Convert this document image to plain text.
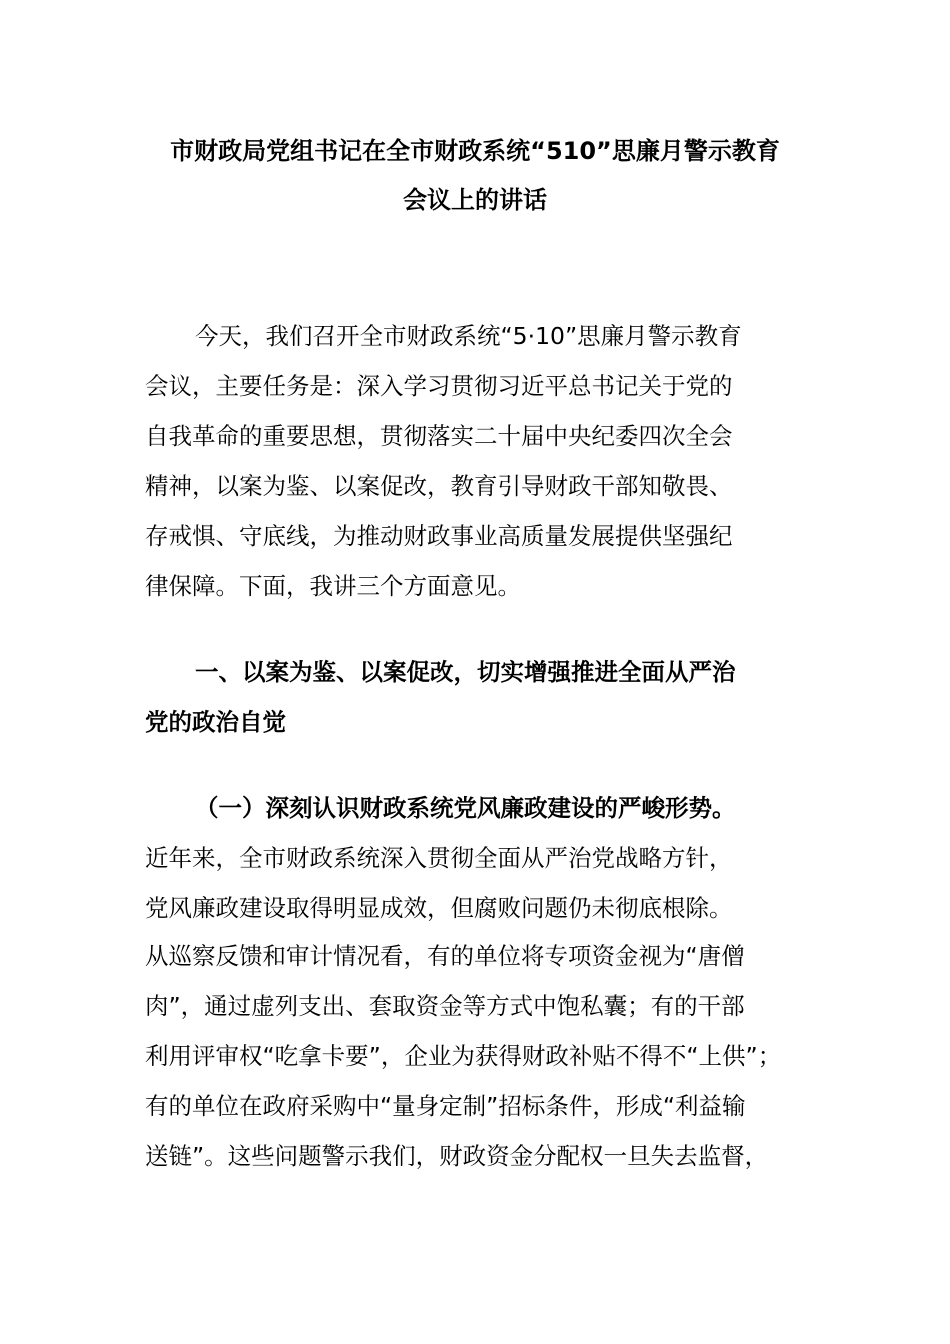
市财政局党组书记在全市财政系统“510”思廉月警示教育
会议上的讲话
今天，我们召开全市财政系统“5·10”思廉月警示教育
会议，主要任务是：深入学习贯彻习近平总书记关于党的
自我革命的重要思想，贯彻落实二十届中央纪委四次全会
精神，以案为鉴、以案促改，教育引导财政干部知敬畏、
存戒惧、守底线，为推动财政事业高质量发展提供坚强纪
律保障。下面，我讲三个方面意见。
一、以案为鉴、以案促改，切实增强推进全面从严治
党的政治自觉
（一）深刻认识财政系统党风廉政建设的严峻形势。
近年来，全市财政系统深入贯彻全面从严治党战略方针，
党风廉政建设取得明显成效，但腐败问题仍未彻底根除。
从巡察反馈和审计情况看，有的单位将专项资金视为“唐僧
肉”，通过虚列支出、套取资金等方式中饱私囊；有的干部
利用评审权“吃拿卡要”，企业为获得财政补贴不得不“上供”；
有的单位在政府采购中“量身定制”招标条件，形成“利益输
送链”。这些问题警示我们，财政资金分配权一旦失去监督，
